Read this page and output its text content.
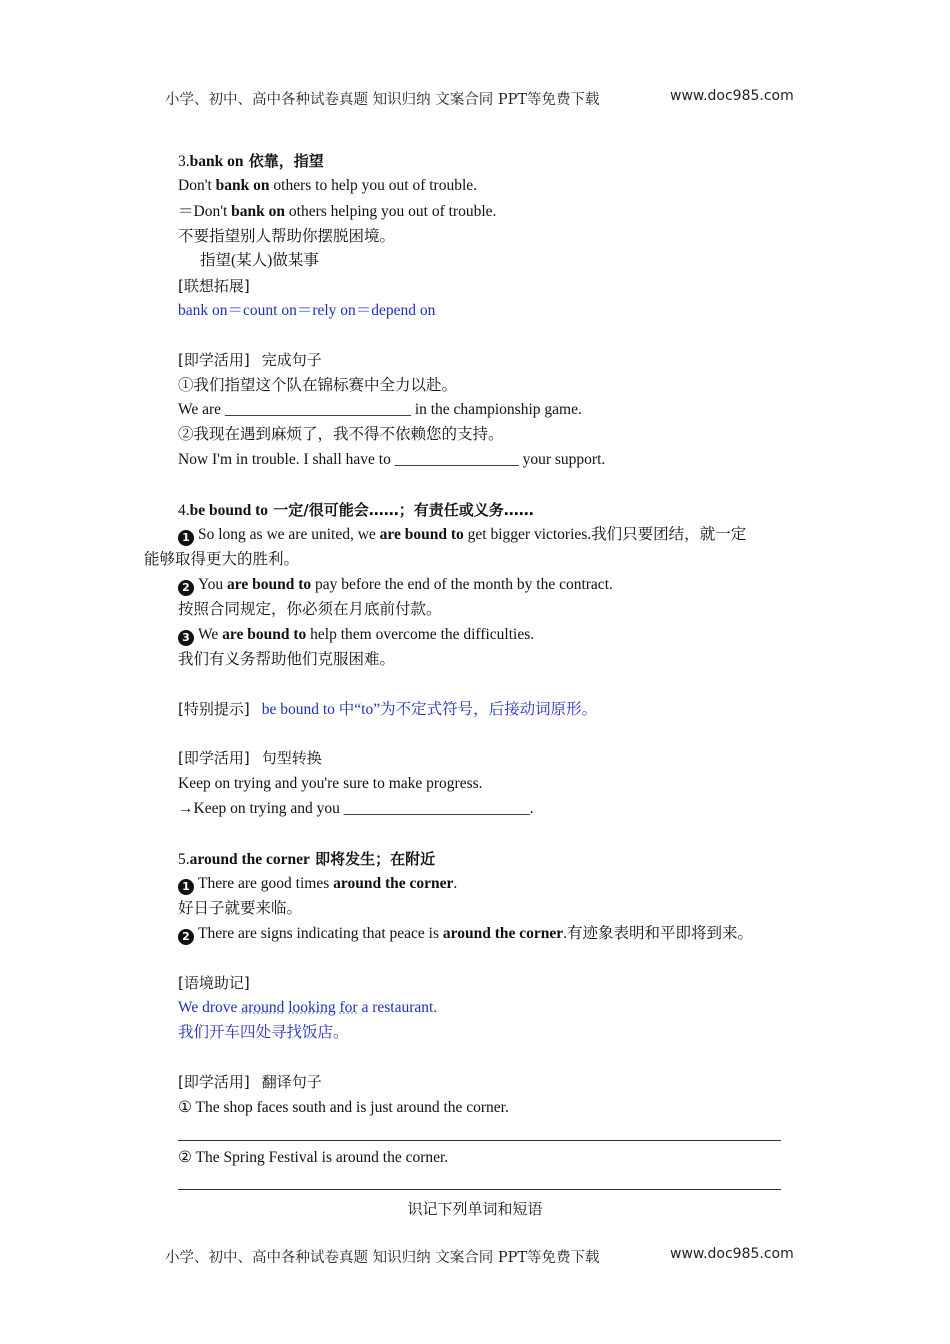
小学、初中、高中各种试卷真题 知识归纳 文案合同 PPT等免费下载	www.doc985.com
3.bank on 依靠，指望
Don't bank on others to help you out of trouble.
＝Don't bank on others helping you out of trouble.
不要指望别人帮助你摆脱困境。
指望(某人)做某事
[联想拓展]
bank on＝count on＝rely on＝depend on
[即学活用] 完成句子
①我们指望这个队在锦标赛中全力以赴。
We are ________________________ in the championship game.
②我现在遇到麻烦了，我不得不依赖您的支持。
Now I'm in trouble. I shall have to ________________ your support.
4.be bound to 一定/很可能会……；有责任或义务……
1 So long as we are united, we are bound to get bigger victories.我们只要团结，就一定
能够取得更大的胜利。
2 You are bound to pay before the end of the month by the contract.
按照合同规定，你必须在月底前付款。
3 We are bound to help them overcome the difficulties.
我们有义务帮助他们克服困难。
[特别提示] be bound to 中“to”为不定式符号，后接动词原形。
[即学活用] 句型转换
Keep on trying and you're sure to make progress.
→Keep on trying and you ________________________.
5.around the corner 即将发生；在附近
1 There are good times around the corner.
好日子就要来临。
2 There are signs indicating that peace is around the corner.有迹象表明和平即将到来。
[语境助记]
We drove around looking for a restaurant.
我们开车四处寻找饭店。
[即学活用] 翻译句子
① The shop faces south and is just around the corner.
② The Spring Festival is around the corner.
识记下列单词和短语
小学、初中、高中各种试卷真题 知识归纳 文案合同 PPT等免费下载	www.doc985.com
